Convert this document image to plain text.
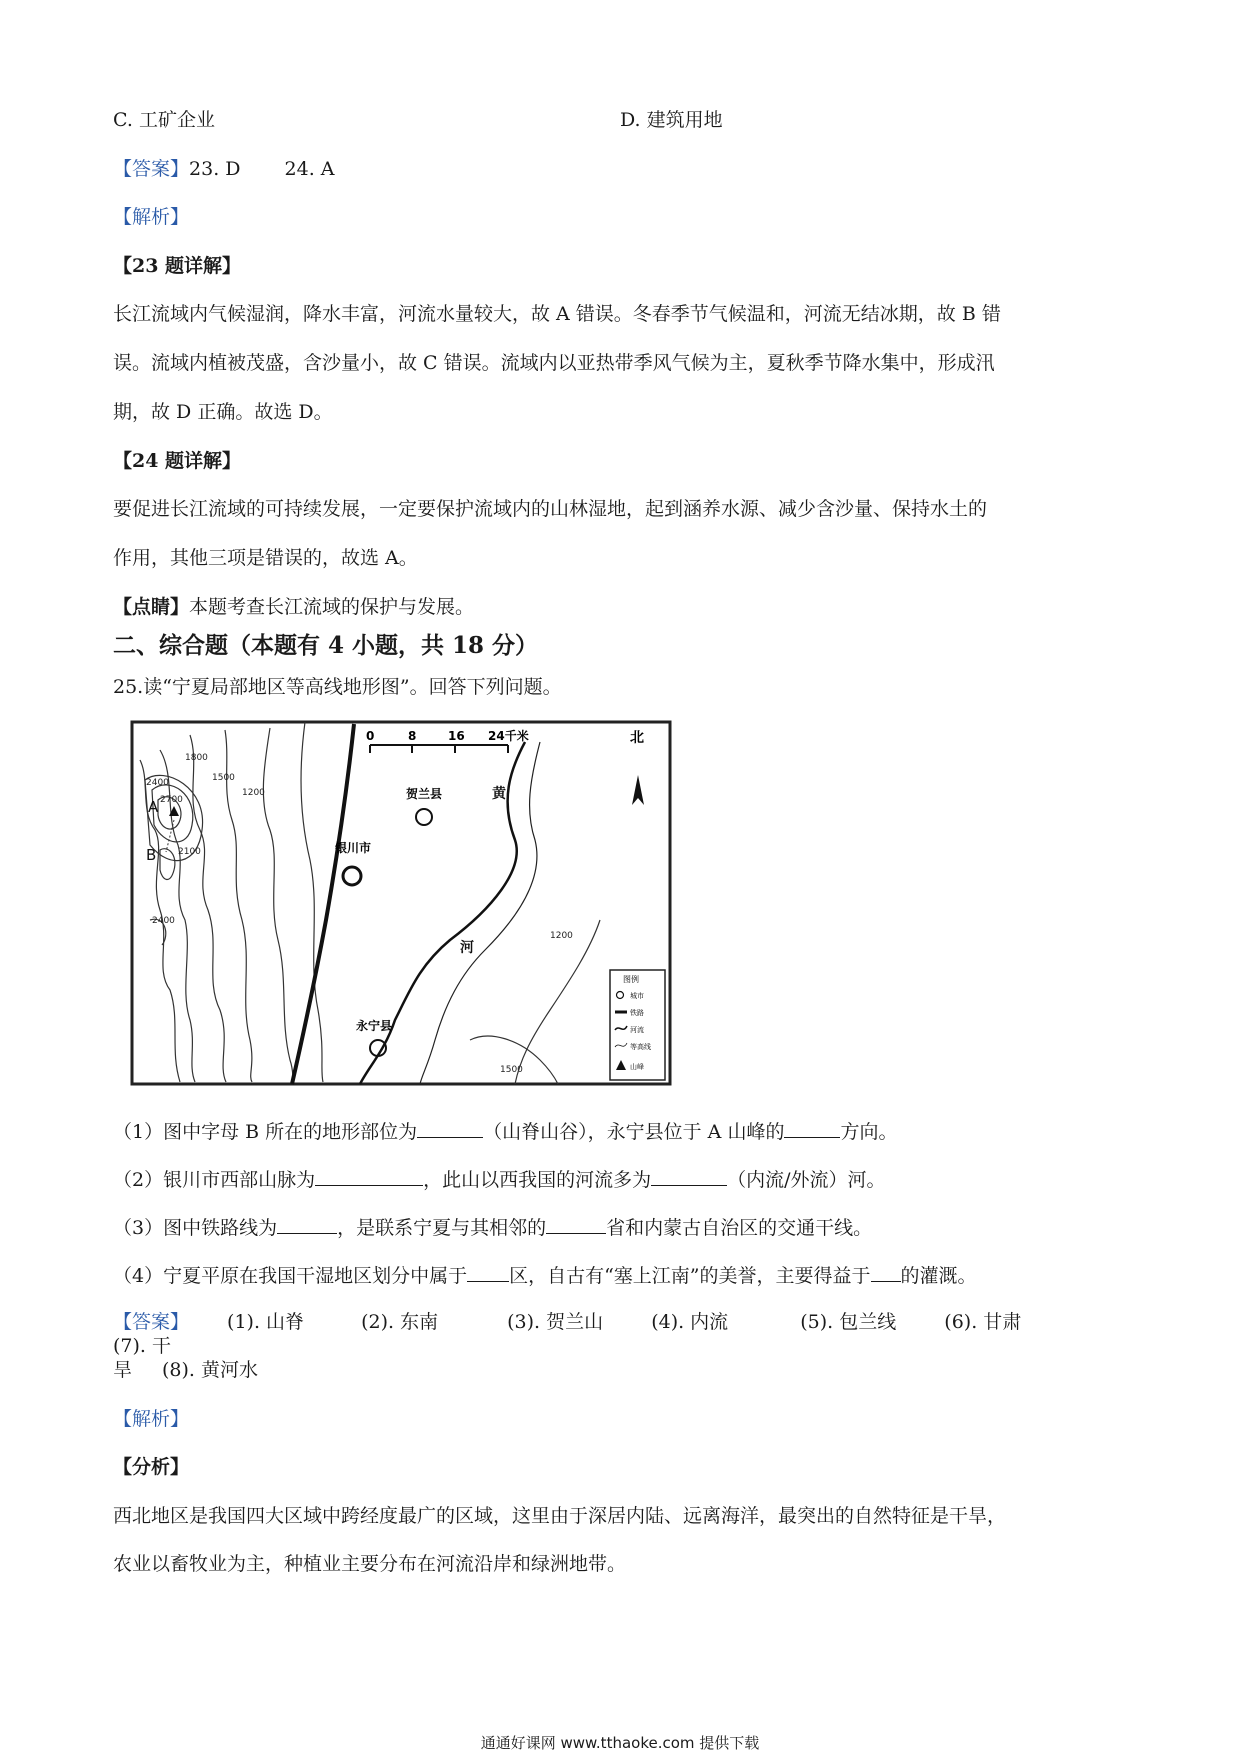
C. 工矿企业	D. 建筑用地
【答案】23. D 24. A
【解析】
【23 题详解】
长江流域内气候湿润，降水丰富，河流水量较大，故 A 错误。冬春季节气候温和，河流无结冰期，故 B 错
误。流域内植被茂盛，含沙量小，故 C 错误。流域内以亚热带季风气候为主，夏秋季节降水集中，形成汛
期，故 D 正确。故选 D。
【24 题详解】
要促进长江流域的可持续发展，一定要保护流域内的山林湿地，起到涵养水源、减少含沙量、保持水土的
作用，其他三项是错误的，故选 A。
【点睛】本题考查长江流域的保护与发展。
二、综合题（本题有 4 小题，共 18 分）
25.读“宁夏局部地区等高线地形图”。回答下列问题。
A
B
1800
1500
1200
2400
2700
2100
2400
1200
1500
黄
河
0	8	16 24千米	北
贺兰县
银川市
永宁县
图例
城市
铁路
河流
等高线
山峰
（1）图中字母 B 所在的地形部位为	（山脊山谷），永宁县位于 A 山峰的	方向。
（2）银川市西部山脉为	，此山以西我国的河流多为	（内流/外流）河。
（3）图中铁路线为	，是联系宁夏与其相邻的	省和内蒙古自治区的交通干线。
（4）宁夏平原在我国干湿地区划分中属于 区，自古有“塞上江南”的美誉，主要得益于 的灌溉。
【答案】 (1). 山脊	(2). 东南	(3). 贺兰山	(4). 内流	(5). 包兰线	(6). 甘肃 (7). 干
旱 (8). 黄河水
【解析】
【分析】
西北地区是我国四大区域中跨经度最广的区域，这里由于深居内陆、远离海洋，最突出的自然特征是干旱，
农业以畜牧业为主，种植业主要分布在河流沿岸和绿洲地带。
通通好课网 www.tthaoke.com 提供下载
